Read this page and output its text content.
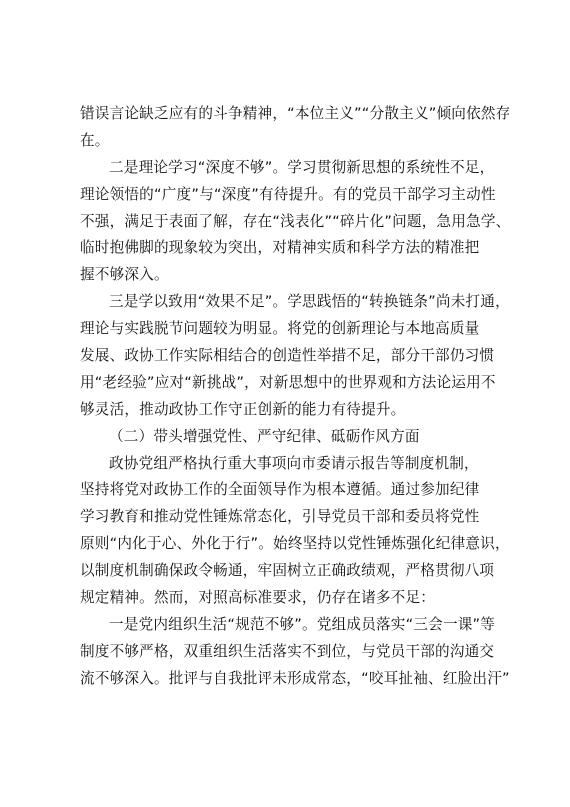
错误言论缺乏应有的斗争精神，“本位主义”“分散主义”倾向依然存
在。
二是理论学习“深度不够”。学习贯彻新思想的系统性不足，
理论领悟的“广度”与“深度”有待提升。有的党员干部学习主动性
不强，满足于表面了解，存在“浅表化”“碎片化”问题，急用急学、
临时抱佛脚的现象较为突出，对精神实质和科学方法的精准把
握不够深入。
三是学以致用“效果不足”。学思践悟的“转换链条”尚未打通，
理论与实践脱节问题较为明显。将党的创新理论与本地高质量
发展、政协工作实际相结合的创造性举措不足，部分干部仍习惯
用“老经验”应对“新挑战”，对新思想中的世界观和方法论运用不
够灵活，推动政协工作守正创新的能力有待提升。
（二）带头增强党性、严守纪律、砥砺作风方面
政协党组严格执行重大事项向市委请示报告等制度机制，
坚持将党对政协工作的全面领导作为根本遵循。通过参加纪律
学习教育和推动党性锤炼常态化，引导党员干部和委员将党性
原则“内化于心、外化于行”。始终坚持以党性锤炼强化纪律意识，
以制度机制确保政令畅通，牢固树立正确政绩观，严格贯彻八项
规定精神。然而，对照高标准要求，仍存在诸多不足：
一是党内组织生活“规范不够”。党组成员落实“三会一课”等
制度不够严格，双重组织生活落实不到位，与党员干部的沟通交
流不够深入。批评与自我批评未形成常态，“咬耳扯袖、红脸出汗”
